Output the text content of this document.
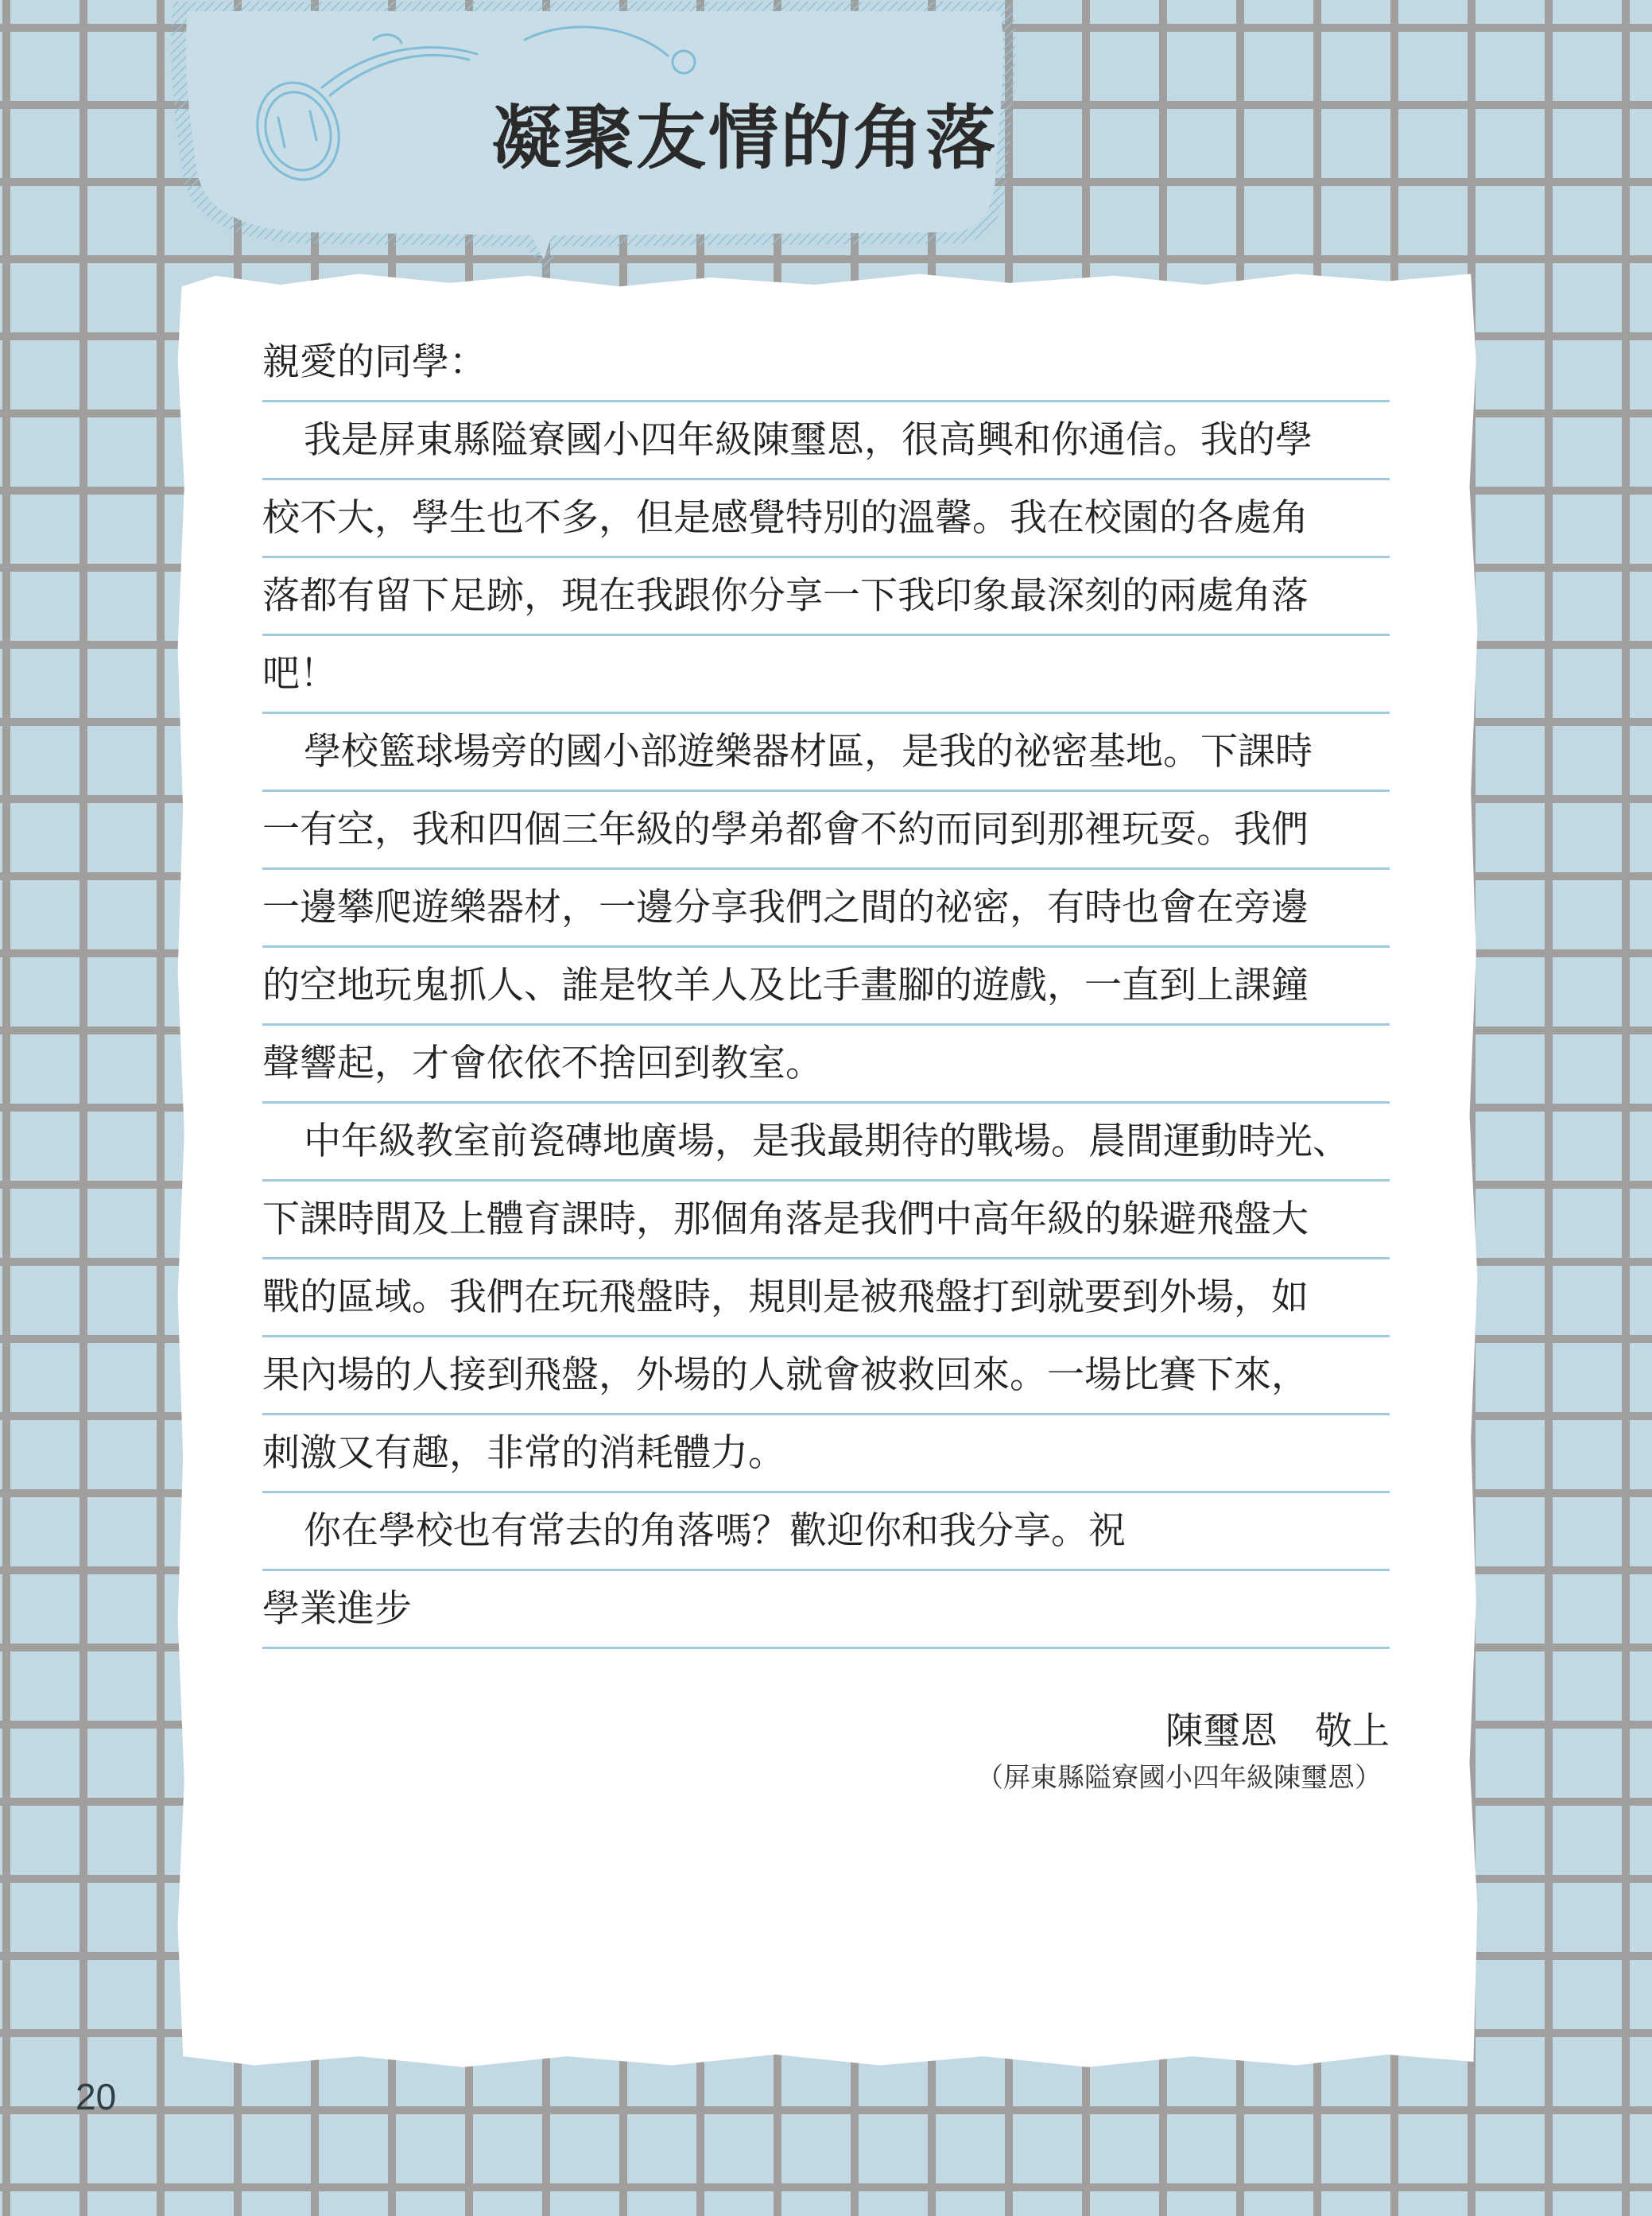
凝聚友情的角落
親愛的同學：
我是屏東縣隘寮國小四年級陳璽恩，很高興和你通信。我的學
校不大，學生也不多，但是感覺特別的溫馨。我在校園的各處角
落都有留下足跡，現在我跟你分享一下我印象最深刻的兩處角落
吧！
學校籃球場旁的國小部遊樂器材區，是我的祕密基地。下課時
一有空，我和四個三年級的學弟都會不約而同到那裡玩耍。我們
一邊攀爬遊樂器材，一邊分享我們之間的祕密，有時也會在旁邊
的空地玩鬼抓人、誰是牧羊人及比手畫腳的遊戲，一直到上課鐘
聲響起，才會依依不捨回到教室。
中年級教室前瓷磚地廣場，是我最期待的戰場。晨間運動時光、
下課時間及上體育課時，那個角落是我們中高年級的躲避飛盤大
戰的區域。我們在玩飛盤時，規則是被飛盤打到就要到外場，如
果內場的人接到飛盤，外場的人就會被救回來。一場比賽下來，
刺激又有趣，非常的消耗體力。
你在學校也有常去的角落嗎？歡迎你和我分享。祝
學業進步
陳璽恩　敬上
（屏東縣隘寮國小四年級陳璽恩）
20
